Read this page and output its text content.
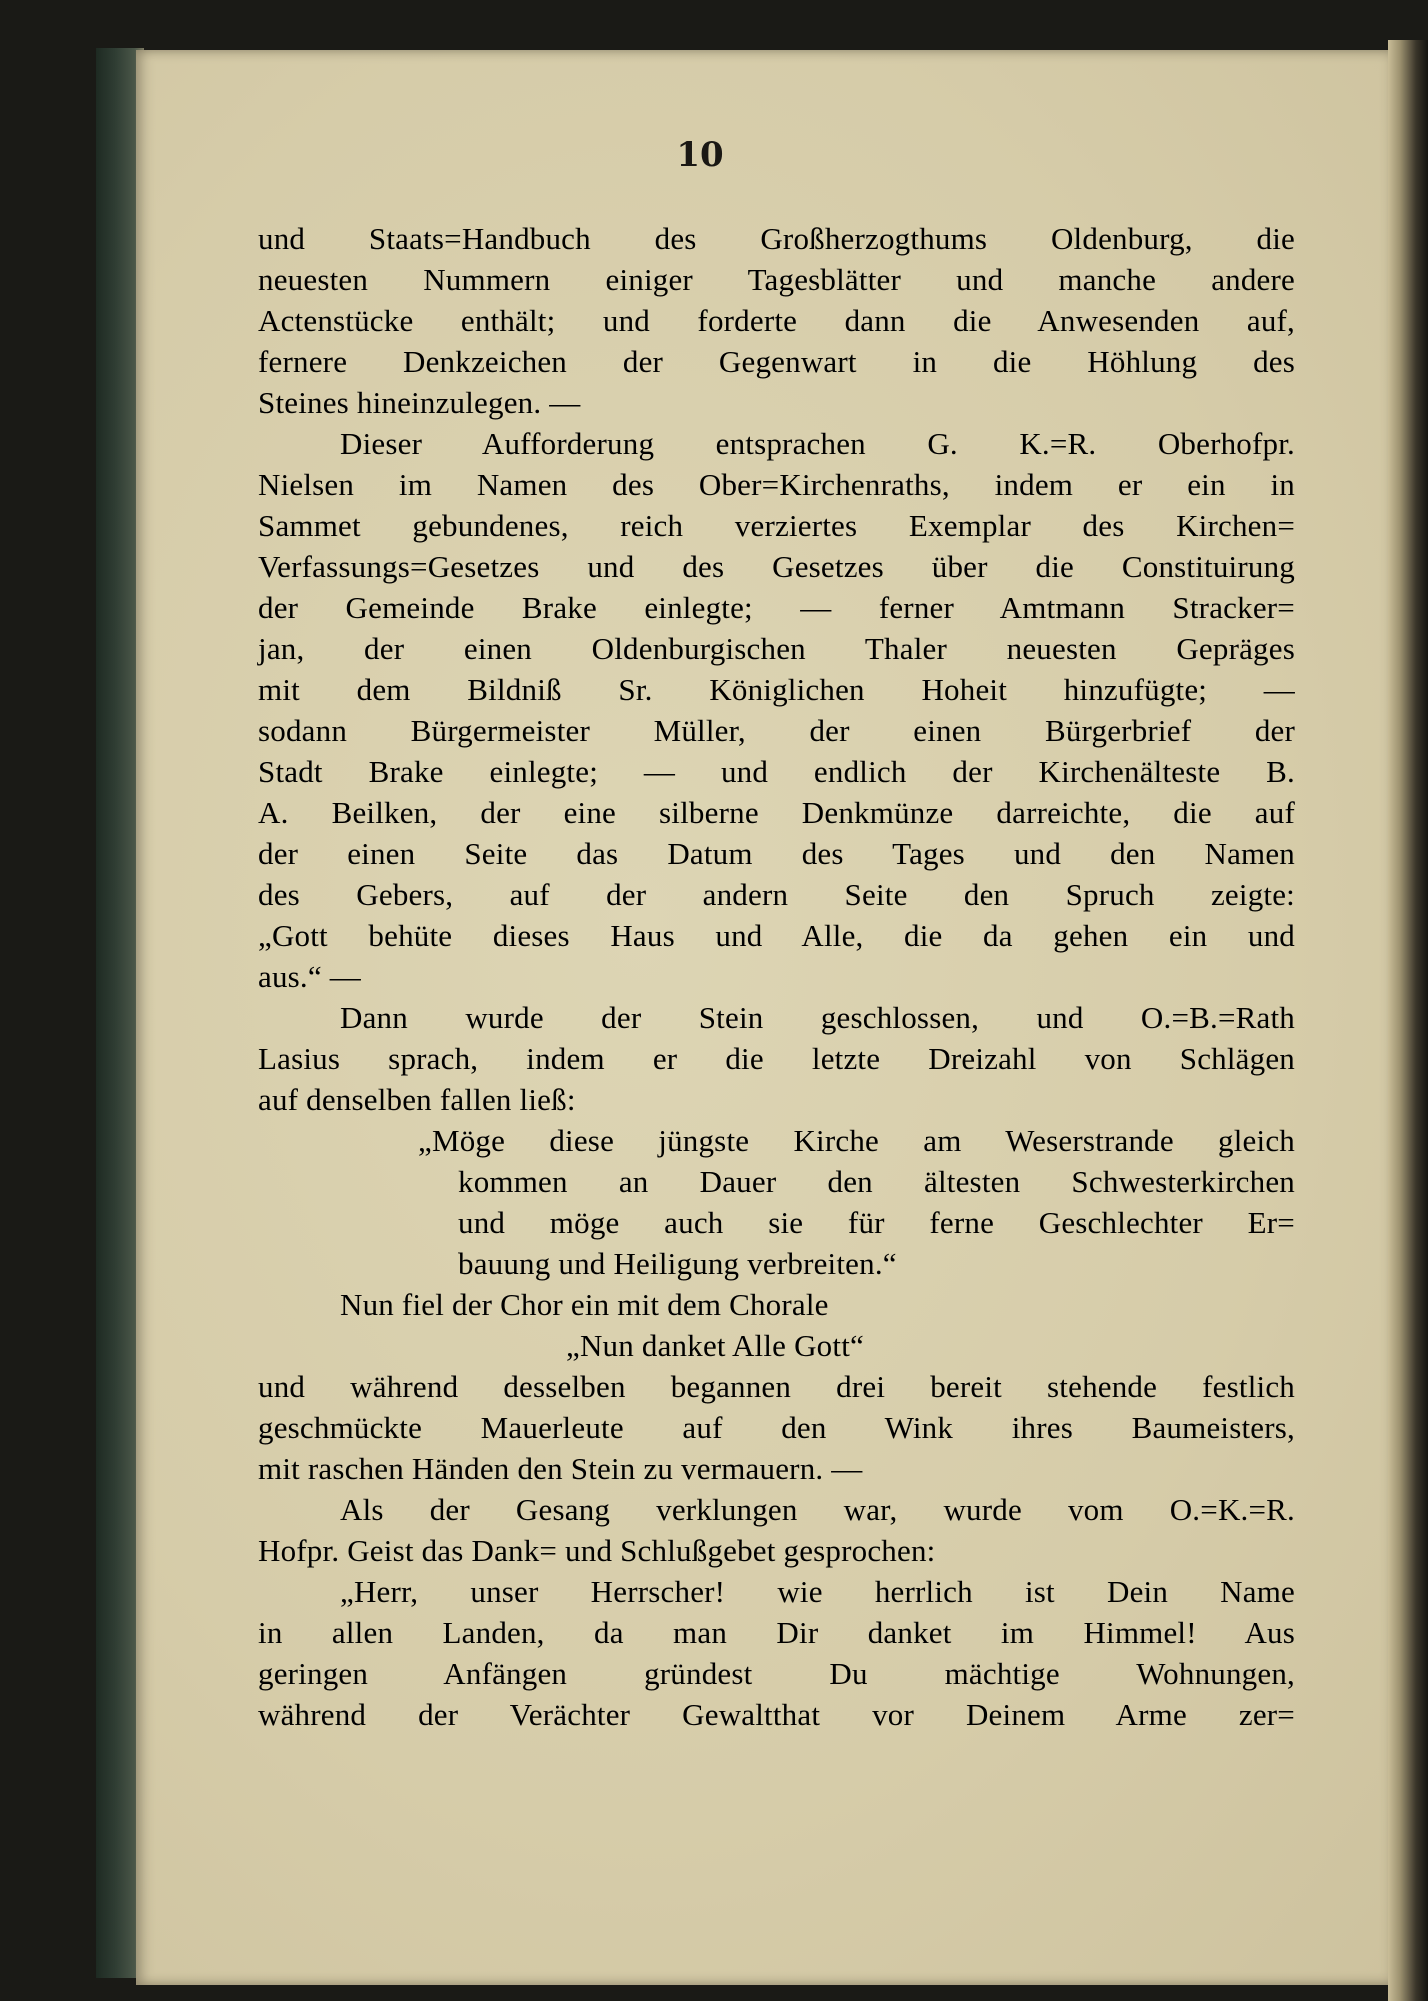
10
und Staats=Handbuch des Großherzogthums Oldenburg, die
neuesten Nummern einiger Tagesblätter und manche andere
Actenstücke enthält; und forderte dann die Anwesenden auf,
fernere Denkzeichen der Gegenwart in die Höhlung des
Steines hineinzulegen. —
Dieser Aufforderung entsprachen G. K.=R. Oberhofpr.
Nielsen im Namen des Ober=Kirchenraths, indem er ein in
Sammet gebundenes, reich verziertes Exemplar des Kirchen=
Verfassungs=Gesetzes und des Gesetzes über die Constituirung
der Gemeinde Brake einlegte; — ferner Amtmann Stracker=
jan, der einen Oldenburgischen Thaler neuesten Gepräges
mit dem Bildniß Sr. Königlichen Hoheit hinzufügte; —
sodann Bürgermeister Müller, der einen Bürgerbrief der
Stadt Brake einlegte; — und endlich der Kirchenälteste B.
A. Beilken, der eine silberne Denkmünze darreichte, die auf
der einen Seite das Datum des Tages und den Namen
des Gebers, auf der andern Seite den Spruch zeigte:
„Gott behüte dieses Haus und Alle, die da gehen ein und
aus.“ —
Dann wurde der Stein geschlossen, und O.=B.=Rath
Lasius sprach, indem er die letzte Dreizahl von Schlägen
auf denselben fallen ließ:
„Möge diese jüngste Kirche am Weserstrande gleich
kommen an Dauer den ältesten Schwesterkirchen
und möge auch sie für ferne Geschlechter Er=
bauung und Heiligung verbreiten.“
Nun fiel der Chor ein mit dem Chorale
„Nun danket Alle Gott“
und während desselben begannen drei bereit stehende festlich
geschmückte Mauerleute auf den Wink ihres Baumeisters,
mit raschen Händen den Stein zu vermauern. —
Als der Gesang verklungen war, wurde vom O.=K.=R.
Hofpr. Geist das Dank= und Schlußgebet gesprochen:
„Herr, unser Herrscher! wie herrlich ist Dein Name
in allen Landen, da man Dir danket im Himmel! Aus
geringen Anfängen gründest Du mächtige Wohnungen,
während der Verächter Gewaltthat vor Deinem Arme zer=
